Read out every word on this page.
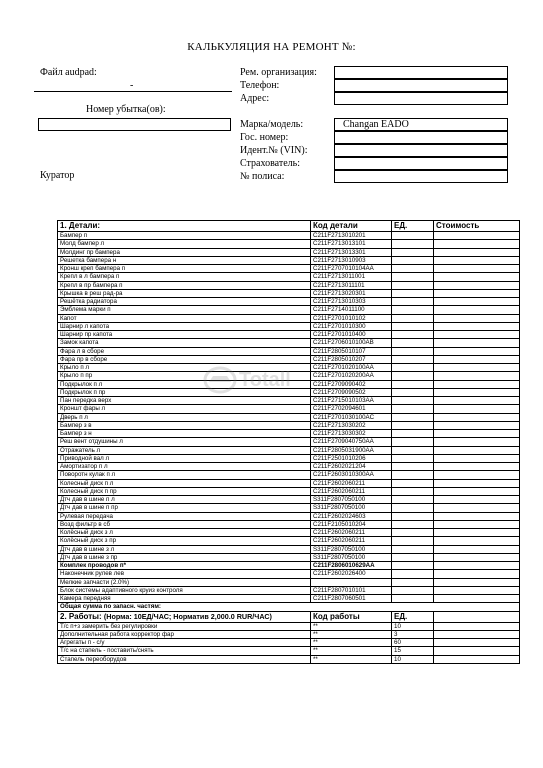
КАЛЬКУЛЯЦИЯ НА РЕМОНТ №:
Файл audpad:
-
Номер убытка(ов):
Куратор
Рем. организация:
Телефон:
Адрес:
Марка/модель:	Changan EADO
Гос. номер:
Идент.№ (VIN):
Страхователь:
№ полиса:
1. Детали:	Код детали	ЕД.	Стоимость
Бампер п	C211F2713010201		
Молд бампер л	C211F2713013101		
Молдинг пр бампера	C211F2713013301		
Решетка бампера н	C211F2713010903		
Кронш креп бампера п	C211F2707010104AA		
Крепл в л бампера п	C211F2713011001		
Крепл в пр бампера п	C211F2713011101		
Крышка в реш рад-ра	C211F2713020301		
Решётка радиатора	C211F2713010303		
Эмблема марки п	C211F2714011100		
Капот	C211F2701010102		
Шарнир л капота	C211F2701010300		
Шарнир пр капота	C211F2701010400		
Замок капота	C211F2706010100AB		
Фара л в сборе	C211F2805010107		
Фара пр в сборе	C211F2805010207		
Крыло п л	C211F2701020100AA		
Крыло п пр	C211F2701020200AA		
Подкрылок п л	C211F2709090402		
Подкрылок п пр	C211F2709090502		
Пан передка верх	C211F2715010103AA		
Кроншт фары л	C211F2702094601		
Дверь п л	C211F2701030100AC		
Бампер з в	C211F2713030202		
Бампер з н	C211F2713030302		
Реш вент отдушины л	C211F2709040750AA		
Отражатель л	C211F2805031900AA		
Приводной вал л	C211F2501010206		
Амортизатор п л	C211F2602021204		
Поворотн кулак п л	C211F2603010300AA		
Колесный диск п л	C211F2602060211		
Колесный диск п пр	C211F2602060211		
Дтч дав в шине п л	S311F2807050100		
Дтч дав в шине п пр	S311F2807050100		
Рулевая передача	C211F2602024603		
Возд фильтр в сб	C211F2105010204		
Колёсный диск з л	C211F2602060211		
Колёсный диск з пр	C211F2602060211		
Дтч дав в шине з л	S311F2807050100		
Дтч дав в шине з пр	S311F2807050100		
Комплек проводов п*	C211F2806010629AA		
Наконечник рулев лев	C211F2602026400		
Мелкие запчасти (2.0%)			
Блок системы адаптивного круиз контроля	C211F2807010101		
Камера передняя	C211F2807060501		
Общая сумма по запасн. частям:			
2. Работы: (Норма: 10ЕД/ЧАС; Норматив 2,000.0 RUR/ЧАС)	Код работы	ЕД.	
Т/с п+з замерить без регулировки	**	10	
Дополнительная работа корректор фар	**	3	
Агрегаты п - с/у	**	60	
Т/с на стапель - поставить/снять	**	15	
Стапель переоборудов	**	10	
Totall
